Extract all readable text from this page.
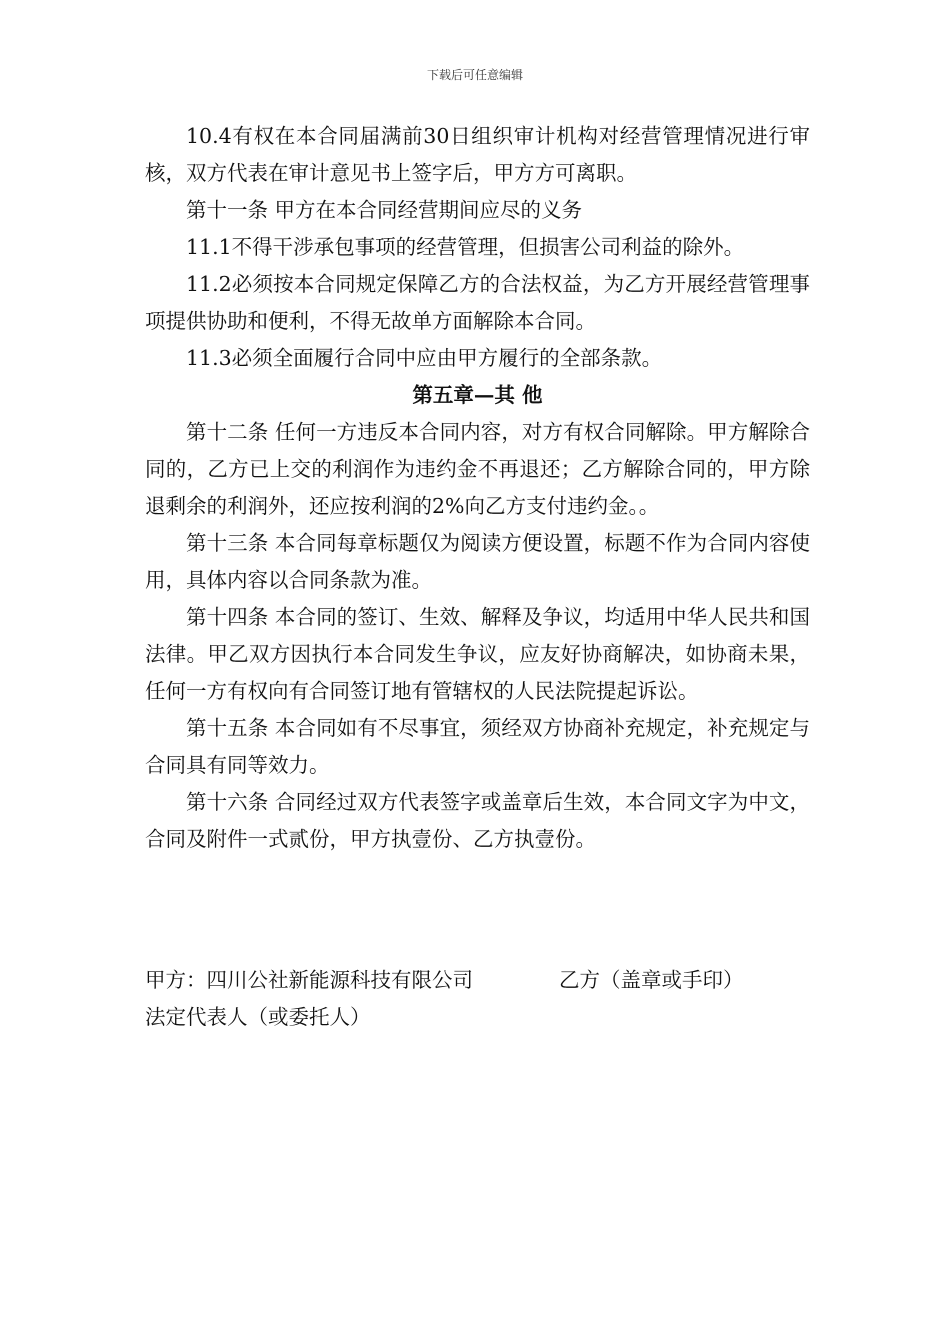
下载后可任意编辑

10.4有权在本合同届满前30日组织审计机构对经营管理情况进行审核，双方代表在审计意见书上签字后，甲方方可离职。

第十一条 甲方在本合同经营期间应尽的义务

11.1不得干涉承包事项的经营管理，但损害公司利益的除外。

11.2必须按本合同规定保障乙方的合法权益，为乙方开展经营管理事项提供协助和便利，不得无故单方面解除本合同。

11.3必须全面履行合同中应由甲方履行的全部条款。

第五章—其 他

第十二条 任何一方违反本合同内容，对方有权合同解除。甲方解除合同的，乙方已上交的利润作为违约金不再退还；乙方解除合同的，甲方除退剩余的利润外，还应按利润的2%向乙方支付违约金。。

第十三条 本合同每章标题仅为阅读方便设置，标题不作为合同内容使用，具体内容以合同条款为准。

第十四条 本合同的签订、生效、解释及争议，均适用中华人民共和国法律。甲乙双方因执行本合同发生争议，应友好协商解决，如协商未果，任何一方有权向有合同签订地有管辖权的人民法院提起诉讼。

第十五条 本合同如有不尽事宜，须经双方协商补充规定，补充规定与合同具有同等效力。

第十六条 合同经过双方代表签字或盖章后生效，本合同文字为中文，合同及附件一式贰份，甲方执壹份、乙方执壹份。

甲方：四川公社新能源科技有限公司	乙方（盖章或手印）
法定代表人（或委托人）
